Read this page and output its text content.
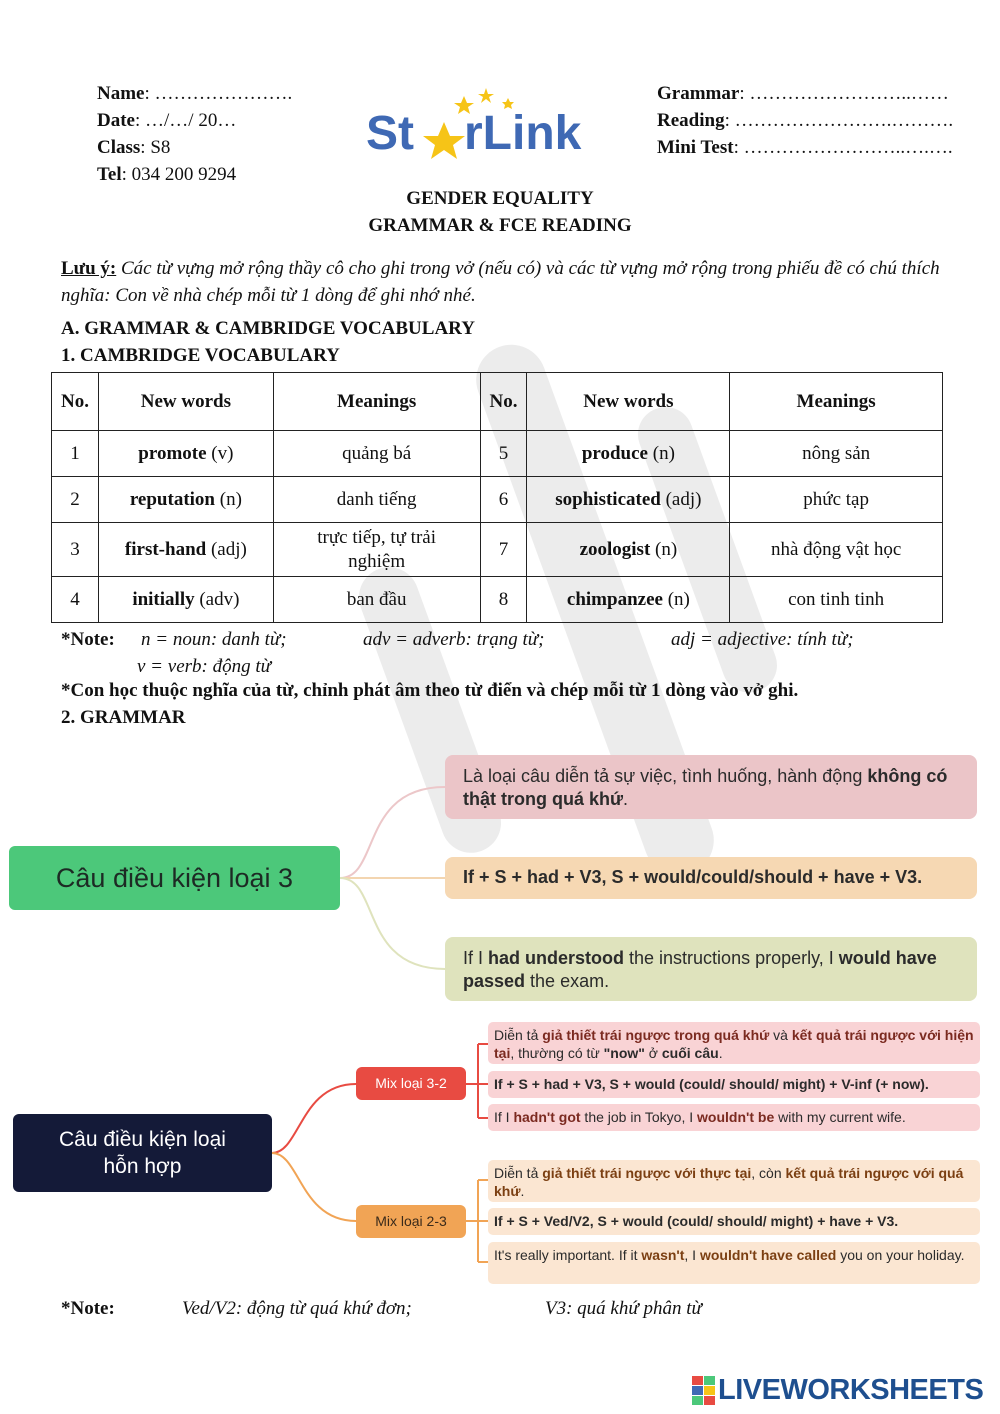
Name: ………………….
Date: …/…/ 20…
Class: S8
Tel: 034 200 9294
St rLink
Grammar: ……………………..……
Reading: …………………….……….
Mini Test: ……………………..….….
GENDER EQUALITY
GRAMMAR & FCE READING
Lưu ý: Các từ vựng mở rộng thầy cô cho ghi trong vở (nếu có) và các từ vựng mở rộng trong phiếu đề có chú thích nghĩa: Con về nhà chép mỗi từ 1 dòng để ghi nhớ nhé.
A. GRAMMAR & CAMBRIDGE VOCABULARY
1. CAMBRIDGE VOCABULARY
No.	New words	Meanings	No.	New words	Meanings
1	promote (v)	quảng bá	5	produce (n)	nông sản
2	reputation (n)	danh tiếng	6	sophisticated (adj)	phức tạp
3	first-hand (adj)	trực tiếp, tự trải nghiệm	7	zoologist (n)	nhà động vật học
4	initially (adv)	ban đầu	8	chimpanzee (n)	con tinh tinh
*Note: n = noun: danh từ;	adv = adverb: trạng từ;	adj = adjective: tính từ;
v = verb: động từ
*Con học thuộc nghĩa của từ, chỉnh phát âm theo từ điển và chép mỗi từ 1 dòng vào vở ghi.
2. GRAMMAR
Câu điều kiện loại 3
Là loại câu diễn tả sự việc, tình huống, hành động không có thật trong quá khứ.
If + S + had + V3, S + would/could/should + have + V3.
If I had understood the instructions properly, I would have passed the exam.
Câu điều kiện loại hỗn hợp
Mix loại 3-2
Mix loại 2-3
Diễn tả giả thiết trái ngược trong quá khứ và kết quả trái ngược với hiện tại, thường có từ "now" ở cuối câu.
If + S + had + V3, S + would (could/ should/ might) + V-inf (+ now).
If I hadn't got the job in Tokyo, I wouldn't be with my current wife.
Diễn tả giả thiết trái ngược với thực tại, còn kết quả trái ngược với quá khứ.
If + S + Ved/V2, S + would (could/ should/ might) + have + V3.
It's really important. If it wasn't, I wouldn't have called you on your holiday.
*Note:	Ved/V2: động từ quá khứ đơn;	V3: quá khứ phân từ
LIVEWORKSHEETS
